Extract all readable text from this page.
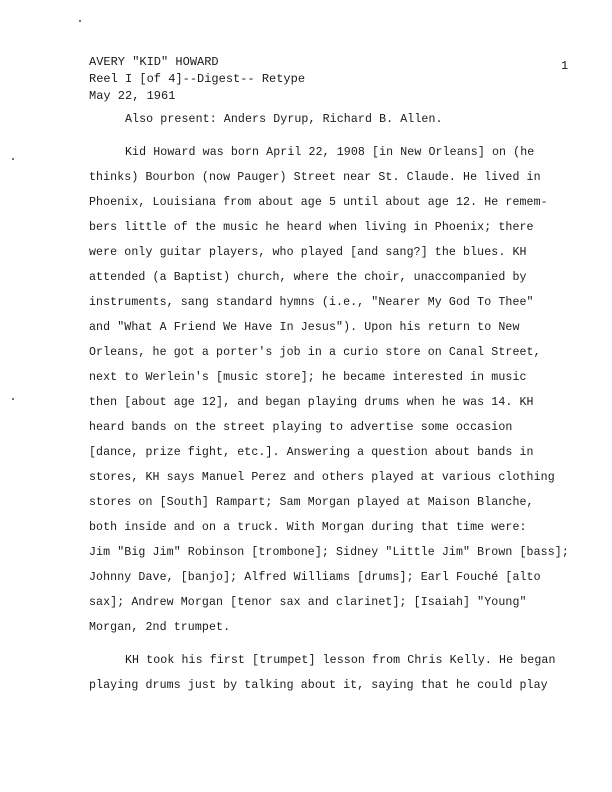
AVERY "KID" HOWARD
Reel I [of 4]--Digest-- Retype
May 22, 1961
1
Also present: Anders Dyrup, Richard B. Allen.
Kid Howard was born April 22, 1908 [in New Orleans] on (he
thinks) Bourbon (now Pauger) Street near St. Claude. He lived in
Phoenix, Louisiana from about age 5 until about age 12. He remem-
bers little of the music he heard when living in Phoenix; there
were only guitar players, who played [and sang?] the blues. KH
attended (a Baptist) church, where the choir, unaccompanied by
instruments, sang standard hymns (i.e., "Nearer My God To Thee"
and "What A Friend We Have In Jesus"). Upon his return to New
Orleans, he got a porter's job in a curio store on Canal Street,
next to Werlein's [music store]; he became interested in music
then [about age 12], and began playing drums when he was 14. KH
heard bands on the street playing to advertise some occasion
[dance, prize fight, etc.]. Answering a question about bands in
stores, KH says Manuel Perez and others played at various clothing
stores on [South] Rampart; Sam Morgan played at Maison Blanche,
both inside and on a truck. With Morgan during that time were:
Jim "Big Jim" Robinson [trombone]; Sidney "Little Jim" Brown [bass];
Johnny Dave, [banjo]; Alfred Williams [drums]; Earl Fouché [alto
sax]; Andrew Morgan [tenor sax and clarinet]; [Isaiah] "Young"
Morgan, 2nd trumpet.
KH took his first [trumpet] lesson from Chris Kelly. He began
playing drums just by talking about it, saying that he could play
